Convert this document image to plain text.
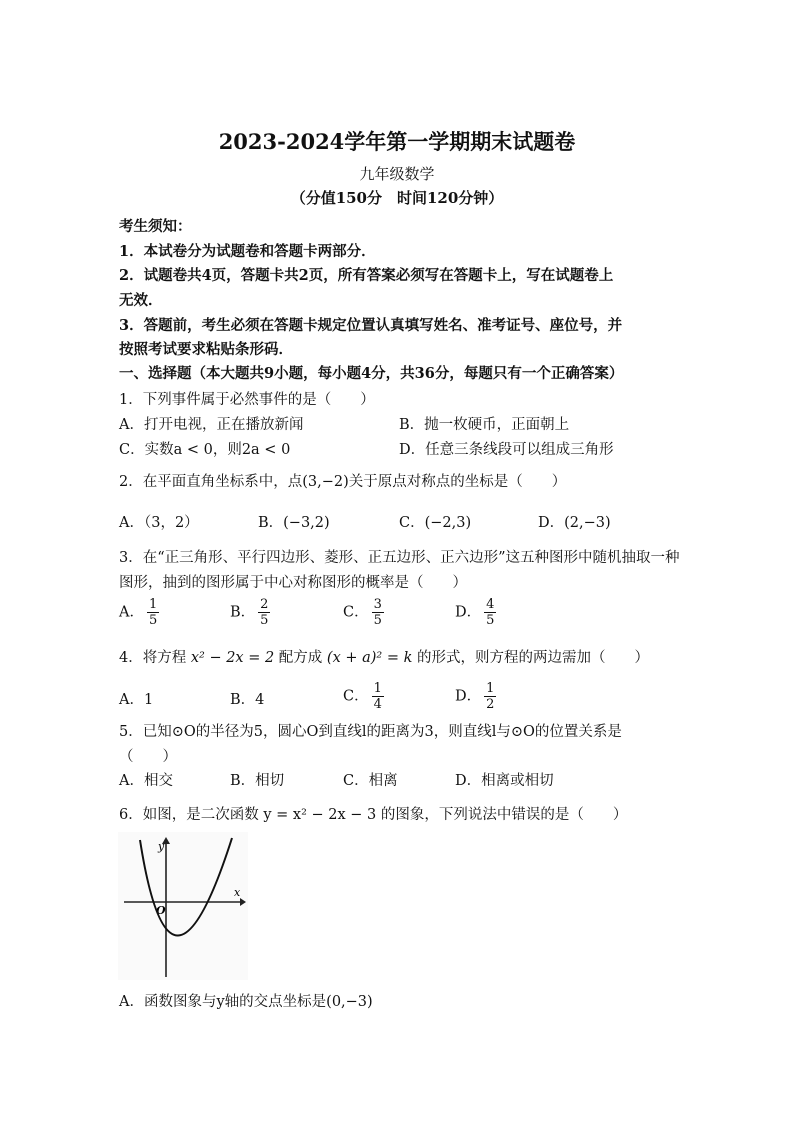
2023-2024学年第一学期期末试题卷
九年级数学
（分值150分　时间120分钟）
考生须知：
1．本试卷分为试题卷和答题卡两部分．
2．试题卷共4页，答题卡共2页，所有答案必须写在答题卡上，写在试题卷上
无效．
3．答题前，考生必须在答题卡规定位置认真填写姓名、准考证号、座位号，并
按照考试要求粘贴条形码．
一、选择题（本大题共9小题，每小题4分，共36分，每题只有一个正确答案）
1．下列事件属于必然事件的是（　　）
A．打开电视，正在播放新闻	B．抛一枚硬币，正面朝上
C．实数a < 0，则2a < 0	D．任意三条线段可以组成三角形
2．在平面直角坐标系中，点(3,−2)关于原点对称点的坐标是（　　）
A．（3，2）	B．(−3,2)	C．(−2,3)	D．(2,−3)
3．在“正三角形、平行四边形、菱形、正五边形、正六边形”这五种图形中随机抽取一种
图形，抽到的图形属于中心对称图形的概率是（　　）
A． $\frac{1}{5}$	B． $\frac{2}{5}$	C． $\frac{3}{5}$	D． $\frac{4}{5}$
4．将方程 x² − 2x = 2 配方成 (x + a)² = k 的形式，则方程的两边需加（　　）
A．1	B．4	C． $\frac{1}{4}$	D． $\frac{1}{2}$
5．已知⊙O的半径为5，圆心O到直线l的距离为3，则直线l与⊙O的位置关系是
（　　）
A．相交	B．相切	C．相离	D．相离或相切
6．如图，是二次函数 y = x² − 2x − 3 的图象，下列说法中错误的是（　　）
y
x
O
A．函数图象与y轴的交点坐标是(0,−3)
